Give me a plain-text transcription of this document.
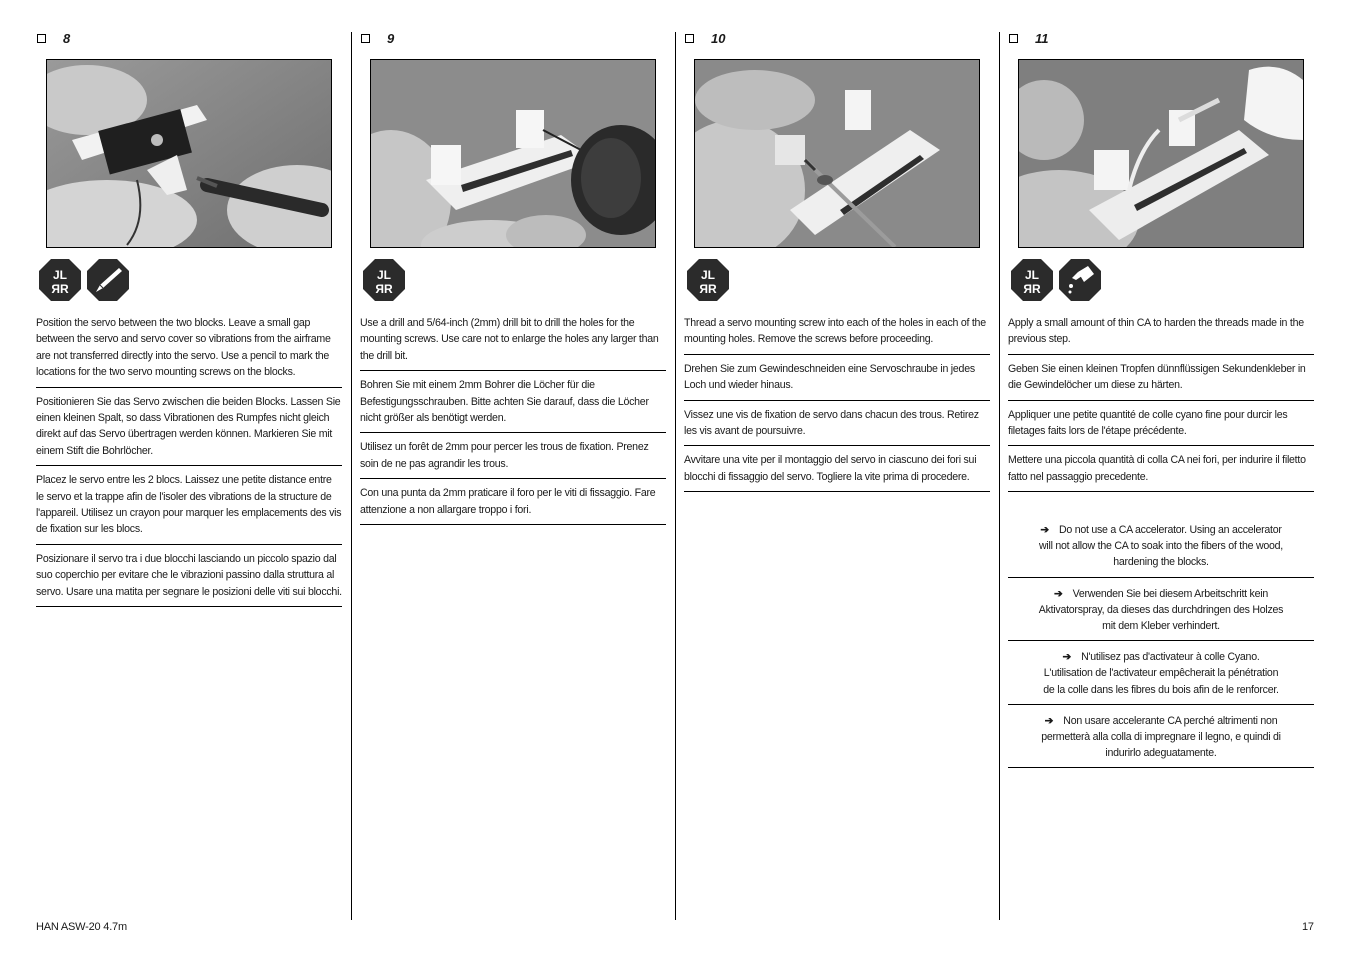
8
JL
ЯR
Position the servo between the two blocks. Leave a small gap between the servo and servo cover so vibrations from the airframe are not transferred directly into the servo. Use a pencil to mark the locations for the two servo mounting screws on the blocks.
Positionieren Sie das Servo zwischen die beiden Blocks. Lassen Sie einen kleinen Spalt, so dass Vibrationen des Rumpfes nicht gleich direkt auf das Servo übertragen werden können. Markieren Sie mit einem Stift die Bohrlöcher.
Placez le servo entre les 2 blocs. Laissez une petite distance entre le servo et la trappe afin de l'isoler des vibrations de la structure de l'appareil. Utilisez un crayon pour marquer les emplacements des vis de fixation sur les blocs.
Posizionare il servo tra i due blocchi lasciando un piccolo spazio dal suo coperchio per evitare che le vibrazioni passino dalla struttura al servo. Usare una matita per segnare le posizioni delle viti sui blocchi.
9
JL
ЯR
Use a drill and 5/64-inch (2mm) drill bit to drill the holes for the mounting screws. Use care not to enlarge the holes any larger than the drill bit.
Bohren Sie mit einem 2mm Bohrer die Löcher für die Befestigungsschrauben. Bitte achten Sie darauf, dass die Löcher nicht größer als benötigt werden.
Utilisez un forêt de 2mm pour percer les trous de fixation. Prenez soin de ne pas agrandir les trous.
Con una punta da 2mm praticare il foro per le viti di fissaggio. Fare attenzione a non allargare troppo i fori.
10
JL
ЯR
Thread a servo mounting screw into each of the holes in each of the mounting holes. Remove the screws before proceeding.
Drehen Sie zum Gewindeschneiden eine Servoschraube in jedes Loch und wieder hinaus.
Vissez une vis de fixation de servo dans chacun des trous. Retirez les vis avant de poursuivre.
Avvitare una vite per il montaggio del servo in ciascuno dei fori sui blocchi di fissaggio del servo. Togliere la vite prima di procedere.
11
JL
ЯR
Apply a small amount of thin CA to harden the threads made in the previous step.
Geben Sie einen kleinen Tropfen dünnflüssigen Sekundenkleber in die Gewindelöcher um diese zu härten.
Appliquer une petite quantité de colle cyano fine pour durcir les filetages faits lors de l'étape précédente.
Mettere una piccola quantità di colla CA nei fori, per indurire il filetto fatto nel passaggio precedente.
➔ Do not use a CA accelerator. Using an accelerator will not allow the CA to soak into the fibers of the wood, hardening the blocks.
➔ Verwenden Sie bei diesem Arbeitschritt kein Aktivatorspray, da dieses das durchdringen des Holzes mit dem Kleber verhindert.
➔ N'utilisez pas d'activateur à colle Cyano. L'utilisation de l'activateur empêcherait la pénétration de la colle dans les fibres du bois afin de le renforcer.
➔ Non usare accelerante CA perché altrimenti non permetterà alla colla di impregnare il legno, e quindi di indurirlo adeguatamente.
HAN ASW-20 4.7m	17
